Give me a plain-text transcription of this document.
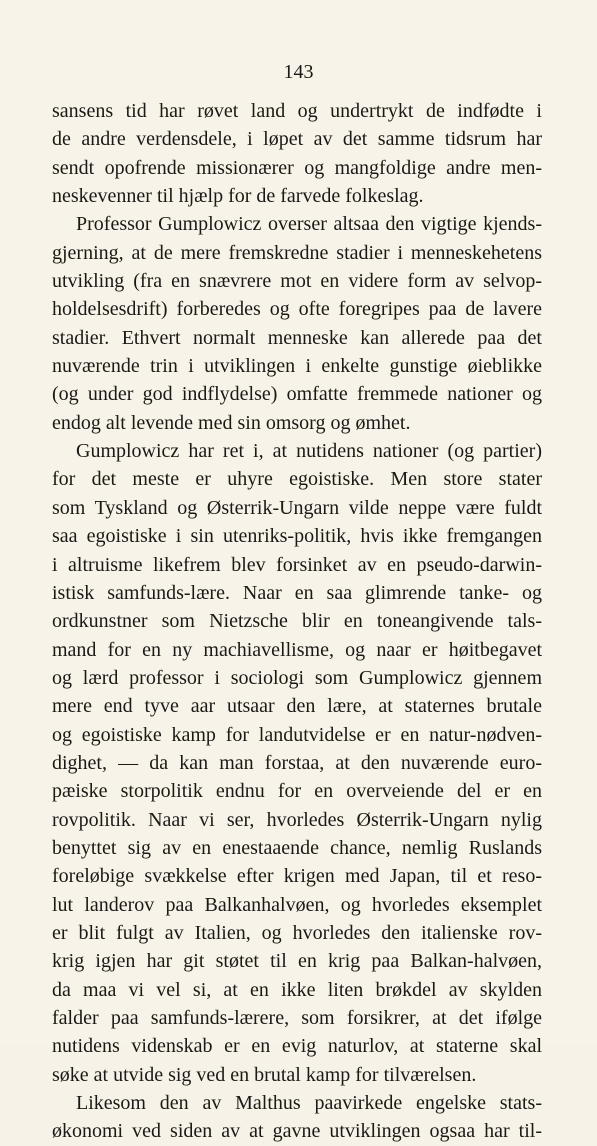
143
sansens tid har røvet land og undertrykt de indfødte i
de andre verdensdele, i løpet av det samme tidsrum har
sendt opofrende missionærer og mangfoldige andre men-
neskevenner til hjælp for de farvede folkeslag.
Professor Gumplowicz overser altsaa den vigtige kjends-
gjerning, at de mere fremskredne stadier i menneskehetens
utvikling (fra en snævrere mot en videre form av selvop-
holdelsesdrift) forberedes og ofte foregripes paa de lavere
stadier. Ethvert normalt menneske kan allerede paa det
nuværende trin i utviklingen i enkelte gunstige øieblikke
(og under god indflydelse) omfatte fremmede nationer og
endog alt levende med sin omsorg og ømhet.
Gumplowicz har ret i, at nutidens nationer (og partier)
for det meste er uhyre egoistiske. Men store stater
som Tyskland og Østerrik-Ungarn vilde neppe være fuldt
saa egoistiske i sin utenriks-politik, hvis ikke fremgangen
i altruisme likefrem blev forsinket av en pseudo-darwin-
istisk samfunds-lære. Naar en saa glimrende tanke- og
ordkunstner som Nietzsche blir en toneangivende tals-
mand for en ny machiavellisme, og naar er høitbegavet
og lærd professor i sociologi som Gumplowicz gjennem
mere end tyve aar utsaar den lære, at staternes brutale
og egoistiske kamp for landutvidelse er en natur-nødven-
dighet, — da kan man forstaa, at den nuværende euro-
pæiske storpolitik endnu for en overveiende del er en
rovpolitik. Naar vi ser, hvorledes Østerrik-Ungarn nylig
benyttet sig av en enestaaende chance, nemlig Ruslands
foreløbige svækkelse efter krigen med Japan, til et reso-
lut landerov paa Balkanhalvøen, og hvorledes eksemplet
er blit fulgt av Italien, og hvorledes den italienske rov-
krig igjen har git støtet til en krig paa Balkan-halvøen,
da maa vi vel si, at en ikke liten brøkdel av skylden
falder paa samfunds-lærere, som forsikrer, at det ifølge
nutidens videnskab er en evig naturlov, at staterne skal
søke at utvide sig ved en brutal kamp for tilværelsen.
Likesom den av Malthus paavirkede engelske stats-
økonomi ved siden av at gavne utviklingen ogsaa har til-
